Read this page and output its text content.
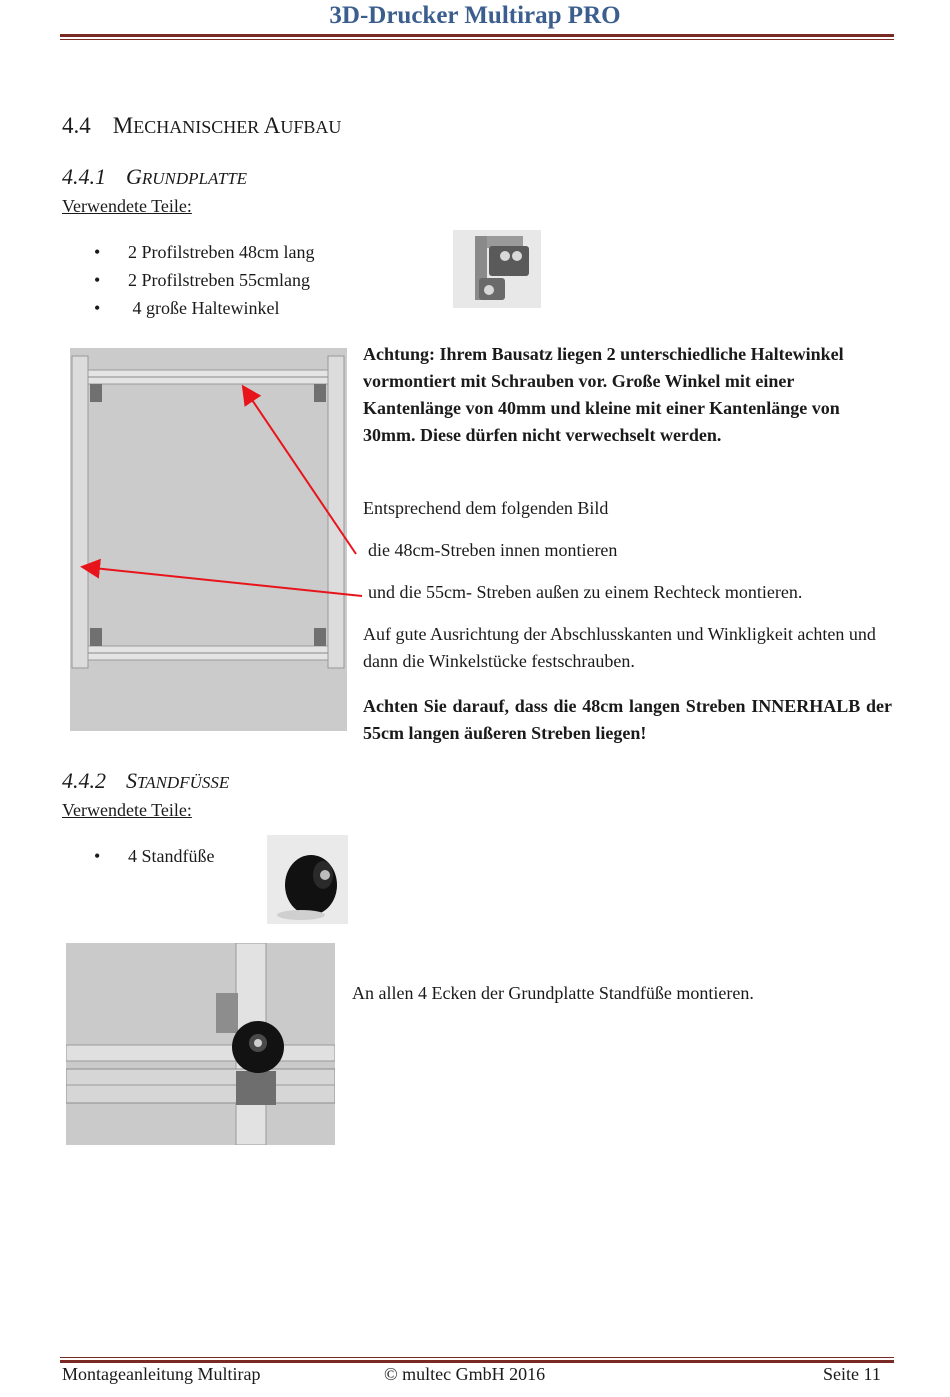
3D-Drucker Multirap PRO
4.4 MECHANISCHER AUFBAU
4.4.1 GRUNDPLATTE
Verwendete Teile:
• 2 Profilstreben 48cm lang
• 2 Profilstreben 55cmlang
• 4 große Haltewinkel
Achtung: Ihrem Bausatz liegen 2 unterschiedliche Haltewinkel vormontiert mit Schrauben vor. Große Winkel mit einer Kantenlänge von 40mm und kleine mit einer Kantenlänge von 30mm. Diese dürfen nicht verwechselt werden.
Entsprechend dem folgenden Bild
die 48cm-Streben innen montieren
und die 55cm- Streben außen zu einem Rechteck montieren.
Auf gute Ausrichtung der Abschlusskanten und Winkligkeit achten und dann die Winkelstücke festschrauben.
Achten Sie darauf, dass die 48cm langen Streben INNERHALB der 55cm langen äußeren Streben liegen!
4.4.2 STANDFÜSSE
Verwendete Teile:
• 4 Standfüße
An allen 4 Ecken der Grundplatte Standfüße montieren.
Montageanleitung Multirap	© multec GmbH 2016	Seite 11
